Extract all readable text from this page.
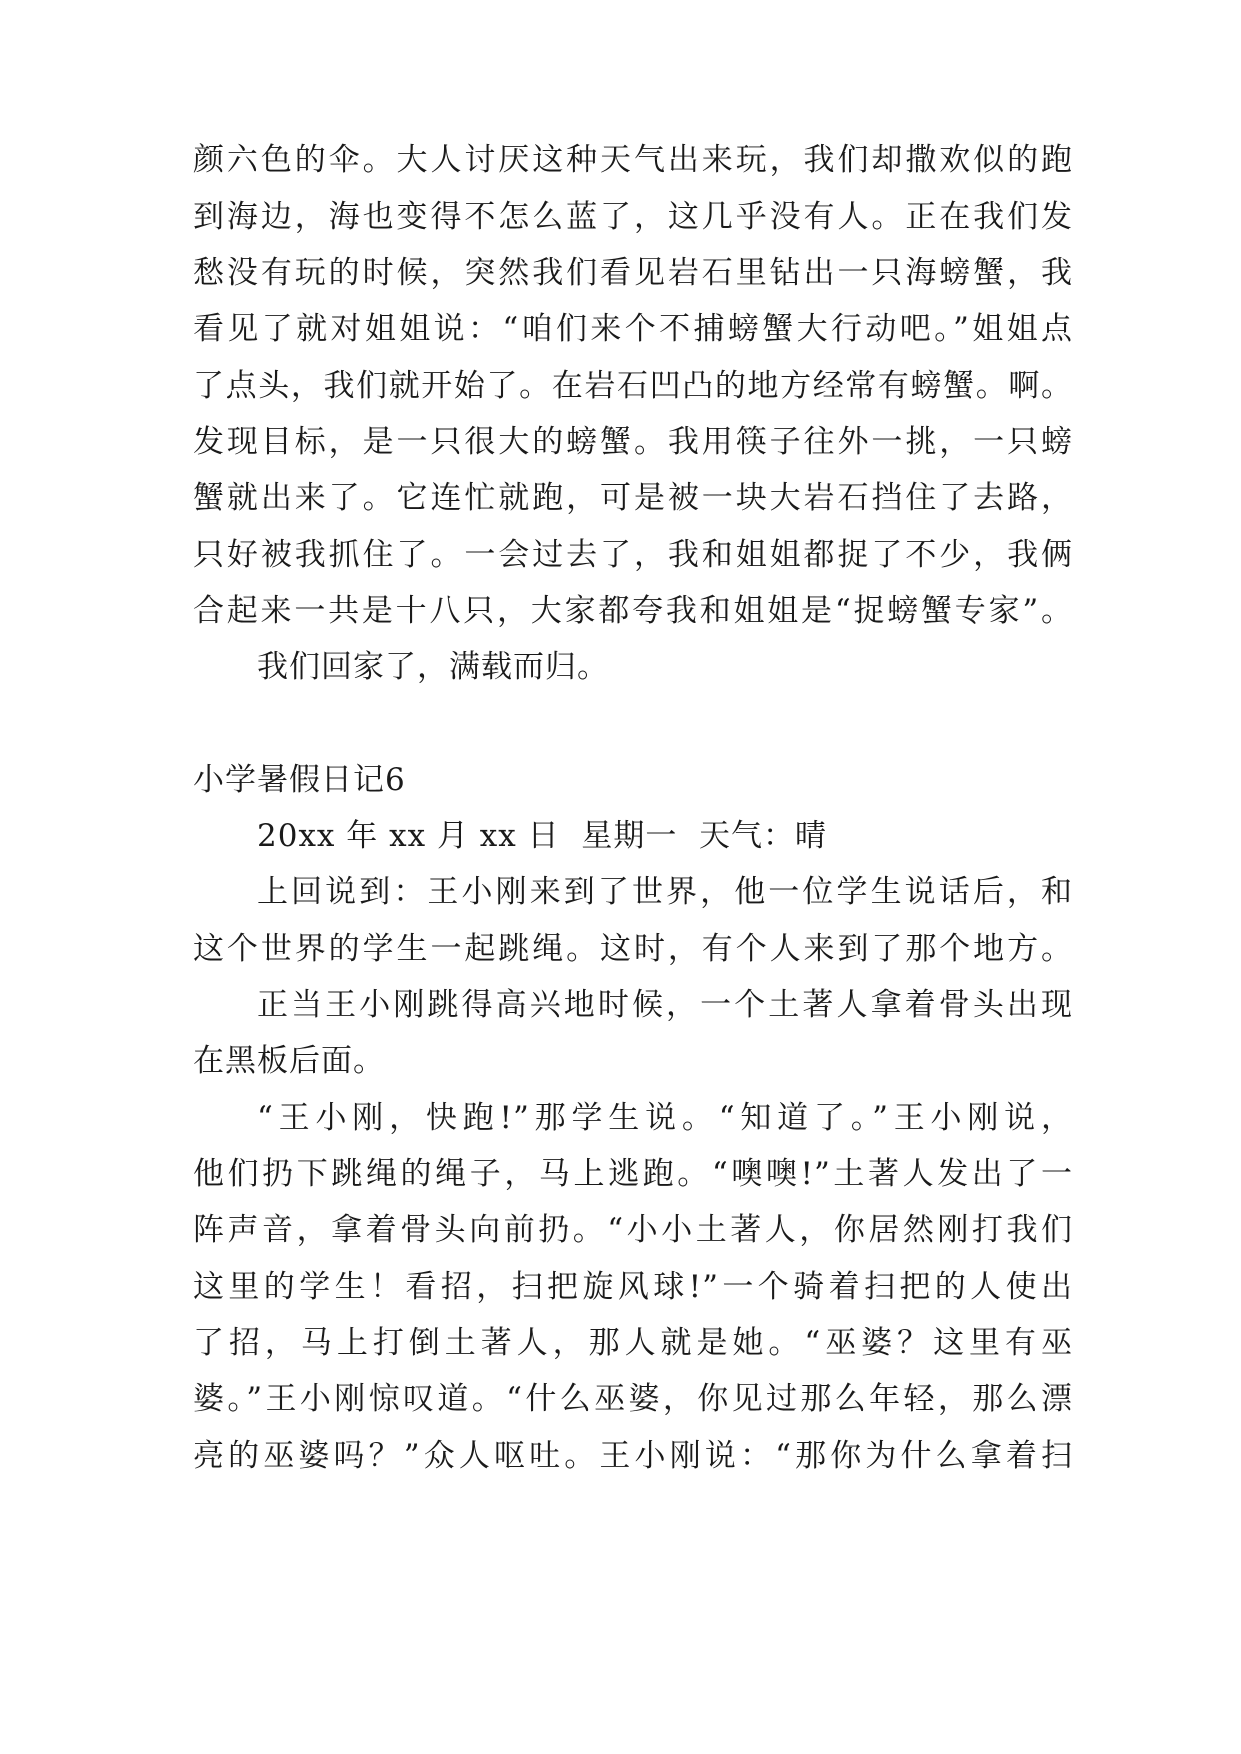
颜六色的伞。大人讨厌这种天气出来玩，我们却撒欢似的跑
到海边，海也变得不怎么蓝了，这几乎没有人。正在我们发
愁没有玩的时候，突然我们看见岩石里钻出一只海螃蟹，我
看见了就对姐姐说：“咱们来个不捕螃蟹大行动吧。”姐姐点
了点头，我们就开始了。在岩石凹凸的地方经常有螃蟹。啊。
发现目标，是一只很大的螃蟹。我用筷子往外一挑，一只螃
蟹就出来了。它连忙就跑，可是被一块大岩石挡住了去路，
只好被我抓住了。一会过去了，我和姐姐都捉了不少，我俩
合起来一共是十八只，大家都夸我和姐姐是“捉螃蟹专家”。
我们回家了，满载而归。
小学暑假日记6
20xx 年 xx 月 xx 日  星期一  天气：晴
上回说到：王小刚来到了世界，他一位学生说话后，和
这个世界的学生一起跳绳。这时，有个人来到了那个地方。
正当王小刚跳得高兴地时候，一个土著人拿着骨头出现
在黑板后面。
“王小刚，快跑!”那学生说。“知道了。”王小刚说，
他们扔下跳绳的绳子，马上逃跑。“噢噢!”土著人发出了一
阵声音，拿着骨头向前扔。“小小土著人，你居然刚打我们
这里的学生！看招，扫把旋风球!”一个骑着扫把的人使出
了招，马上打倒土著人，那人就是她。“巫婆？这里有巫
婆。”王小刚惊叹道。“什么巫婆，你见过那么年轻，那么漂
亮的巫婆吗？”众人呕吐。王小刚说：“那你为什么拿着扫
